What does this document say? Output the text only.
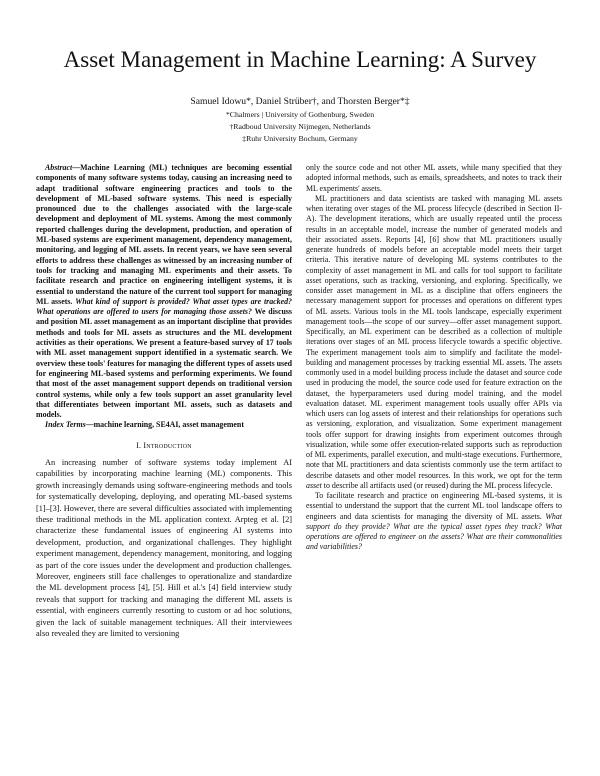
Asset Management in Machine Learning: A Survey
Samuel Idowu*, Daniel Strüber†, and Thorsten Berger*‡
*Chalmers | University of Gothenburg, Sweden
†Radboud University Nijmegen, Netherlands
‡Ruhr University Bochum, Germany

Abstract—Machine Learning (ML) techniques are becoming essential components of many software systems today, causing an increasing need to adapt traditional software engineering practices and tools to the development of ML-based software systems. This need is especially pronounced due to the challenges associated with the large-scale development and deployment of ML systems. Among the most commonly reported challenges during the development, production, and operation of ML-based systems are experiment management, dependency management, monitoring, and logging of ML assets. In recent years, we have seen several efforts to address these challenges as witnessed by an increasing number of tools for tracking and managing ML experiments and their assets. To facilitate research and practice on engineering intelligent systems, it is essential to understand the nature of the current tool support for managing ML assets. What kind of support is provided? What asset types are tracked? What operations are offered to users for managing those assets? We discuss and position ML asset management as an important discipline that provides methods and tools for ML assets as structures and the ML development activities as their operations. We present a feature-based survey of 17 tools with ML asset management support identified in a systematic search. We overview these tools' features for managing the different types of assets used for engineering ML-based systems and performing experiments. We found that most of the asset management support depends on traditional version control systems, while only a few tools support an asset granularity level that differentiates between important ML assets, such as datasets and models.

Index Terms—machine learning, SE4AI, asset management

I. Introduction

An increasing number of software systems today implement AI capabilities by incorporating machine learning (ML) components. This growth increasingly demands using software-engineering methods and tools for systematically developing, deploying, and operating ML-based systems [1]–[3]. However, there are several difficulties associated with implementing these traditional methods in the ML application context. Arpteg et al. [2] characterize these fundamental issues of engineering AI systems into development, production, and organizational challenges. They highlight experiment management, dependency management, monitoring, and logging as part of the core issues under the development and production challenges. Moreover, engineers still face challenges to operationalize and standardize the ML development process [4], [5]. Hill et al.'s [4] field interview study reveals that support for tracking and managing the different ML assets is essential, with engineers currently resorting to custom or ad hoc solutions, given the lack of suitable management techniques. All their interviewees also revealed they are limited to versioning

only the source code and not other ML assets, while many specified that they adopted informal methods, such as emails, spreadsheets, and notes to track their ML experiments' assets.

ML practitioners and data scientists are tasked with managing ML assets when iterating over stages of the ML process lifecycle (described in Section II-A). The development iterations, which are usually repeated until the process results in an acceptable model, increase the number of generated models and their associated assets. Reports [4], [6] show that ML practitioners usually generate hundreds of models before an acceptable model meets their target criteria. This iterative nature of developing ML systems contributes to the complexity of asset management in ML and calls for tool support to facilitate asset operations, such as tracking, versioning, and exploring. Specifically, we consider asset management in ML as a discipline that offers engineers the necessary management support for processes and operations on different types of ML assets. Various tools in the ML tools landscape, especially experiment management tools—the scope of our survey—offer asset management support. Specifically, an ML experiment can be described as a collection of multiple iterations over stages of an ML process lifecycle towards a specific objective. The experiment management tools aim to simplify and facilitate the model-building and management processes by tracking essential ML assets. The assets commonly used in a model building process include the dataset and source code used in producing the model, the source code used for feature extraction on the dataset, the hyperparameters used during model training, and the model evaluation dataset. ML experiment management tools usually offer APIs via which users can log assets of interest and their relationships for operations such as versioning, exploration, and visualization. Some experiment management tools offer support for drawing insights from experiment outcomes through visualization, while some offer execution-related supports such as reproduction of ML experiments, parallel execution, and multi-stage executions. Furthermore, note that ML practitioners and data scientists commonly use the term artifact to describe datasets and other model resources. In this work, we opt for the term asset to describe all artifacts used (or reused) during the ML process lifecycle.

To facilitate research and practice on engineering ML-based systems, it is essential to understand the support that the current ML tool landscape offers to engineers and data scientists for managing the diversity of ML assets. What support do they provide? What are the typical asset types they track? What operations are offered to engineer on the assets? What are their commonalities and variabilities?
